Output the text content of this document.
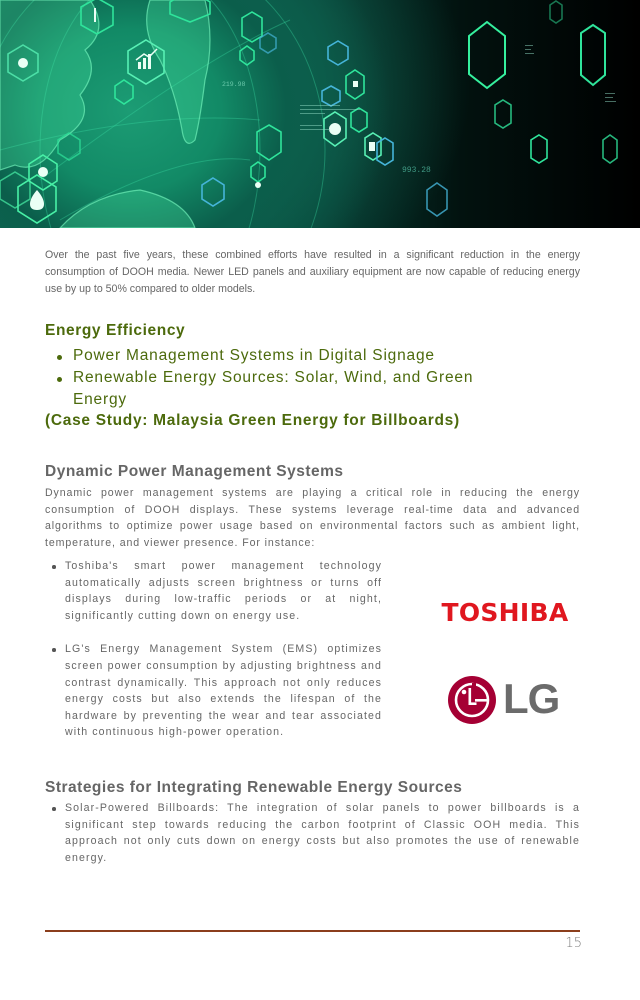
219.98
993.28

Over the past five years, these combined efforts have resulted in a significant reduction in the energy consumption of DOOH media. Newer LED panels and auxiliary equipment are now capable of reducing energy use by up to 50% compared to older models.

Energy Efficiency
Power Management Systems in Digital Signage
Renewable Energy Sources: Solar, Wind, and Green Energy
(Case Study: Malaysia Green Energy for Billboards)
Dynamic Power Management Systems

Dynamic power management systems are playing a critical role in reducing the energy consumption of DOOH displays. These systems leverage real-time data and advanced algorithms to optimize power usage based on environmental factors such as ambient light, temperature, and viewer presence. For instance:

Toshiba's smart power management technology automatically adjusts screen brightness or turns off displays during low-traffic periods or at night, significantly cutting down on energy use.
LG's Energy Management System (EMS) optimizes screen power consumption by adjusting brightness and contrast dynamically. This approach not only reduces energy costs but also extends the lifespan of the hardware by preventing the wear and tear associated with continuous high-power operation.
TOSHIBA
LG
Strategies for Integrating Renewable Energy Sources
Solar-Powered Billboards: The integration of solar panels to power billboards is a significant step towards reducing the carbon footprint of Classic OOH media. This approach not only cuts down on energy costs but also promotes the use of renewable energy.
15
